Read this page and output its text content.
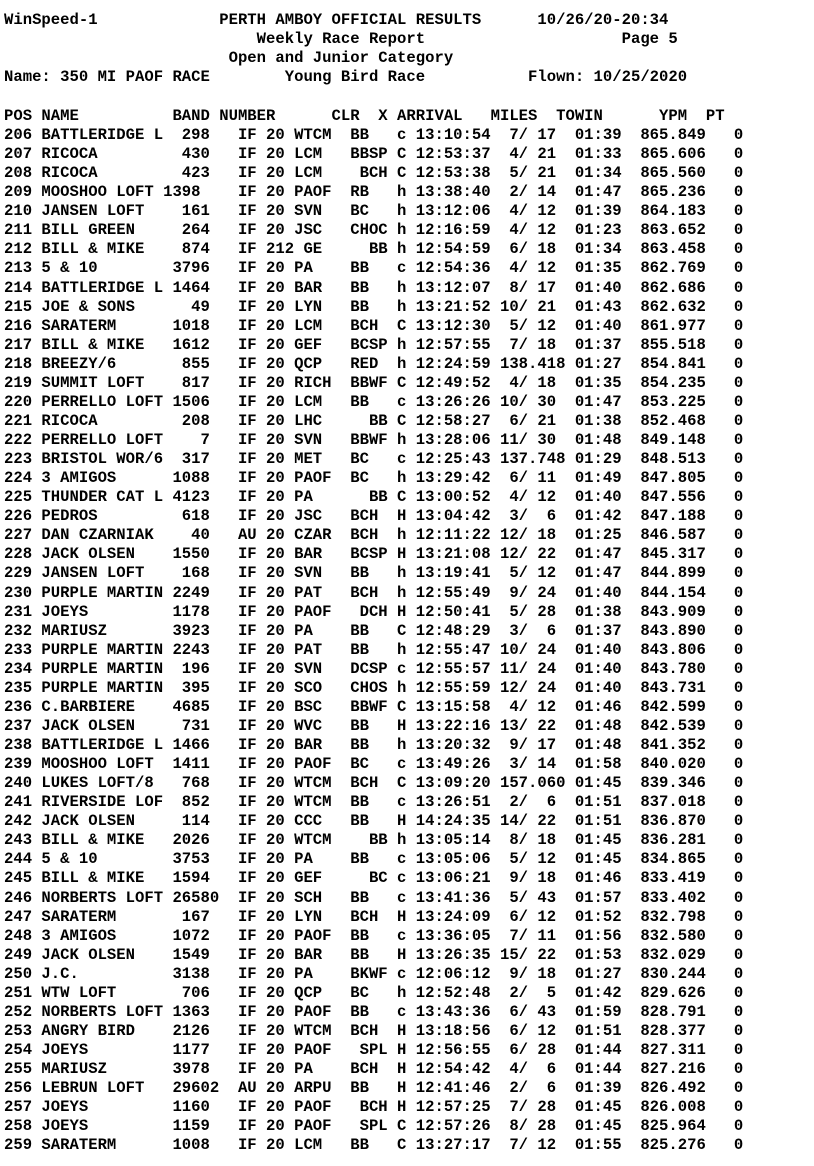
WinSpeed-1             PERTH AMBOY OFFICIAL RESULTS      10/26/20-20:34

Weekly Race Report                     Page 5

Open and Junior Category

Name: 350 MI PAOF RACE        Young Bird Race           Flown: 10/25/2020

POS NAME          BAND NUMBER      CLR  X ARRIVAL   MILES  TOWIN      YPM  PT

206 BATTLERIDGE L  298   IF 20 WTCM  BB   c 13:10:54  7/ 17  01:39  865.849   0

207 RICOCA         430   IF 20 LCM   BBSP C 12:53:37  4/ 21  01:33  865.606   0

208 RICOCA         423   IF 20 LCM    BCH C 12:53:38  5/ 21  01:34  865.560   0

209 MOOSHOO LOFT 1398    IF 20 PAOF  RB   h 13:38:40  2/ 14  01:47  865.236   0

210 JANSEN LOFT    161   IF 20 SVN   BC   h 13:12:06  4/ 12  01:39  864.183   0

211 BILL GREEN     264   IF 20 JSC   CHOC h 12:16:59  4/ 12  01:23  863.652   0

212 BILL & MIKE    874   IF 212 GE     BB h 12:54:59  6/ 18  01:34  863.458   0

213 5 & 10        3796   IF 20 PA    BB   c 12:54:36  4/ 12  01:35  862.769   0

214 BATTLERIDGE L 1464   IF 20 BAR   BB   h 13:12:07  8/ 17  01:40  862.686   0

215 JOE & SONS      49   IF 20 LYN   BB   h 13:21:52 10/ 21  01:43  862.632   0

216 SARATERM      1018   IF 20 LCM   BCH  C 13:12:30  5/ 12  01:40  861.977   0

217 BILL & MIKE   1612   IF 20 GEF   BCSP h 12:57:55  7/ 18  01:37  855.518   0

218 BREEZY/6       855   IF 20 QCP   RED  h 12:24:59 138.418 01:27  854.841   0

219 SUMMIT LOFT    817   IF 20 RICH  BBWF C 12:49:52  4/ 18  01:35  854.235   0

220 PERRELLO LOFT 1506   IF 20 LCM   BB   c 13:26:26 10/ 30  01:47  853.225   0

221 RICOCA         208   IF 20 LHC     BB C 12:58:27  6/ 21  01:38  852.468   0

222 PERRELLO LOFT    7   IF 20 SVN   BBWF h 13:28:06 11/ 30  01:48  849.148   0

223 BRISTOL WOR/6  317   IF 20 MET   BC   c 12:25:43 137.748 01:29  848.513   0

224 3 AMIGOS      1088   IF 20 PAOF  BC   h 13:29:42  6/ 11  01:49  847.805   0

225 THUNDER CAT L 4123   IF 20 PA      BB C 13:00:52  4/ 12  01:40  847.556   0

226 PEDROS         618   IF 20 JSC   BCH  H 13:04:42  3/  6  01:42  847.188   0

227 DAN CZARNIAK    40   AU 20 CZAR  BCH  h 12:11:22 12/ 18  01:25  846.587   0

228 JACK OLSEN    1550   IF 20 BAR   BCSP H 13:21:08 12/ 22  01:47  845.317   0

229 JANSEN LOFT    168   IF 20 SVN   BB   h 13:19:41  5/ 12  01:47  844.899   0

230 PURPLE MARTIN 2249   IF 20 PAT   BCH  h 12:55:49  9/ 24  01:40  844.154   0

231 JOEYS         1178   IF 20 PAOF   DCH H 12:50:41  5/ 28  01:38  843.909   0

232 MARIUSZ       3923   IF 20 PA    BB   C 12:48:29  3/  6  01:37  843.890   0

233 PURPLE MARTIN 2243   IF 20 PAT   BB   h 12:55:47 10/ 24  01:40  843.806   0

234 PURPLE MARTIN  196   IF 20 SVN   DCSP c 12:55:57 11/ 24  01:40  843.780   0

235 PURPLE MARTIN  395   IF 20 SCO   CHOS h 12:55:59 12/ 24  01:40  843.731   0

236 C.BARBIERE    4685   IF 20 BSC   BBWF C 13:15:58  4/ 12  01:46  842.599   0

237 JACK OLSEN     731   IF 20 WVC   BB   H 13:22:16 13/ 22  01:48  842.539   0

238 BATTLERIDGE L 1466   IF 20 BAR   BB   h 13:20:32  9/ 17  01:48  841.352   0

239 MOOSHOO LOFT  1411   IF 20 PAOF  BC   c 13:49:26  3/ 14  01:58  840.020   0

240 LUKES LOFT/8   768   IF 20 WTCM  BCH  C 13:09:20 157.060 01:45  839.346   0

241 RIVERSIDE LOF  852   IF 20 WTCM  BB   c 13:26:51  2/  6  01:51  837.018   0

242 JACK OLSEN     114   IF 20 CCC   BB   H 14:24:35 14/ 22  01:51  836.870   0

243 BILL & MIKE   2026   IF 20 WTCM    BB h 13:05:14  8/ 18  01:45  836.281   0

244 5 & 10        3753   IF 20 PA    BB   c 13:05:06  5/ 12  01:45  834.865   0

245 BILL & MIKE   1594   IF 20 GEF     BC c 13:06:21  9/ 18  01:46  833.419   0

246 NORBERTS LOFT 26580  IF 20 SCH   BB   c 13:41:36  5/ 43  01:57  833.402   0

247 SARATERM       167   IF 20 LYN   BCH  H 13:24:09  6/ 12  01:52  832.798   0

248 3 AMIGOS      1072   IF 20 PAOF  BB   c 13:36:05  7/ 11  01:56  832.580   0

249 JACK OLSEN    1549   IF 20 BAR   BB   H 13:26:35 15/ 22  01:53  832.029   0

250 J.C.          3138   IF 20 PA    BKWF c 12:06:12  9/ 18  01:27  830.244   0

251 WTW LOFT       706   IF 20 QCP   BC   h 12:52:48  2/  5  01:42  829.626   0

252 NORBERTS LOFT 1363   IF 20 PAOF  BB   c 13:43:36  6/ 43  01:59  828.791   0

253 ANGRY BIRD    2126   IF 20 WTCM  BCH  H 13:18:56  6/ 12  01:51  828.377   0

254 JOEYS         1177   IF 20 PAOF   SPL H 12:56:55  6/ 28  01:44  827.311   0

255 MARIUSZ       3978   IF 20 PA    BCH  H 12:54:42  4/  6  01:44  827.216   0

256 LEBRUN LOFT   29602  AU 20 ARPU  BB   H 12:41:46  2/  6  01:39  826.492   0

257 JOEYS         1160   IF 20 PAOF   BCH H 12:57:25  7/ 28  01:45  826.008   0

258 JOEYS         1159   IF 20 PAOF   SPL C 12:57:26  8/ 28  01:45  825.964   0

259 SARATERM      1008   IF 20 LCM   BB   C 13:27:17  7/ 12  01:55  825.276   0
